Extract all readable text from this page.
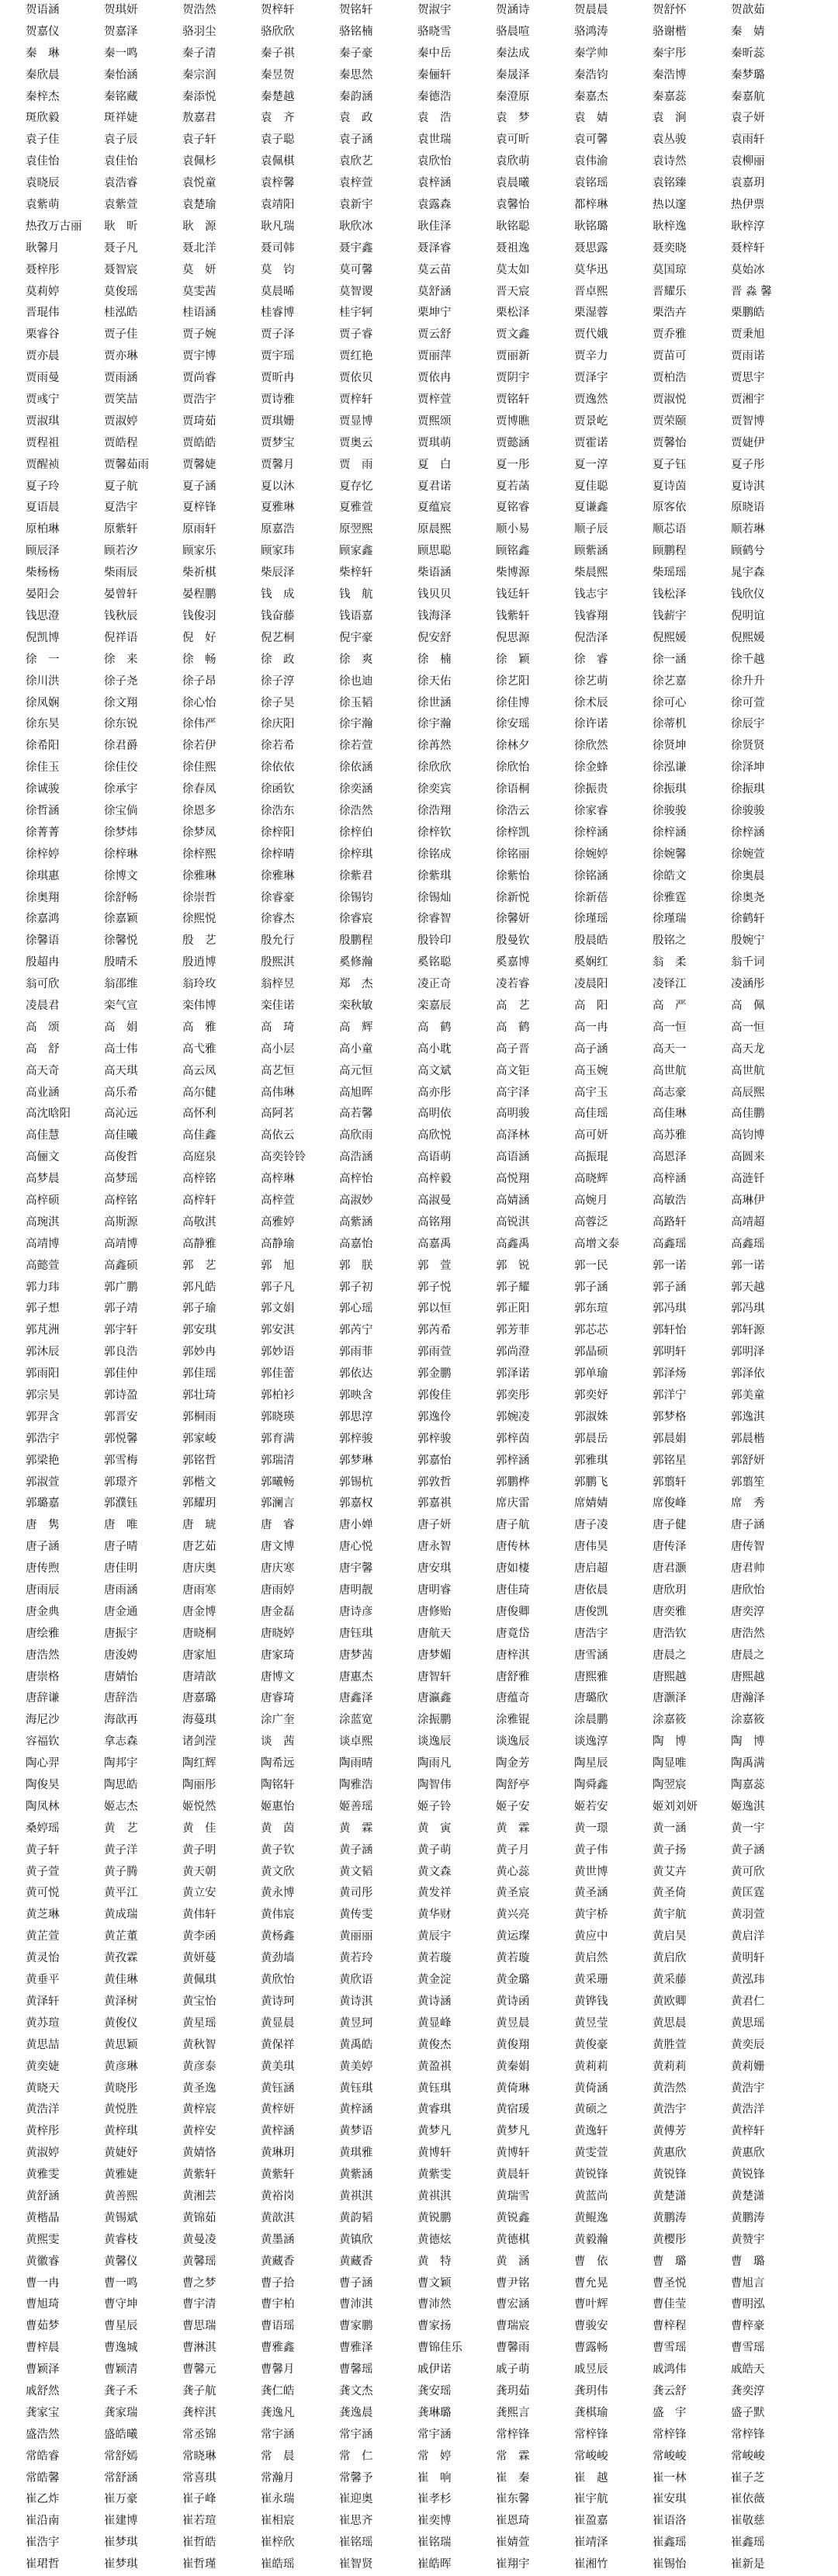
贺语涵	贺琪妍	贺浩然	贺梓轩	贺铭轩	贺淑宇	贺涵诗	贺晨晨	贺舒怀	贺歆茹
贺嘉仪	贺嘉泽	骆羽尘	骆欣欣	骆铭楠	骆晓雪	骆晨喧	骆鸿涛	骆谢楷	秦　婧
秦　琳	秦一鸣	秦子清	秦子祺	秦子豪	秦中岳	秦法成	秦学帅	秦宇彤	秦昕蕊
秦欣晨	秦怡涵	秦宗润	秦昱贺	秦思然	秦俪轩	秦晟泽	秦浩钧	秦浩博	秦梦璐
秦梓杰	秦铭藏	秦添悦	秦楚越	秦韵涵	秦德浩	秦澄原	秦嘉杰	秦嘉蕊	秦嘉航
斑欣毅	斑祥婕	敖嘉君	袁　齐	袁　政	袁　浩	袁　梦	袁　婧	袁　涧	袁子妍
袁子佳	袁子辰	袁子轩	袁子聪	袁子涵	袁世瑞	袁可昕	袁可馨	袁丛骏	袁雨轩
袁佳怡	袁佳怡	袁佩杉	袁佩棋	袁欣艺	袁欣怡	袁欣萌	袁伟渝	袁诗然	袁柳丽
袁晓辰	袁浩睿	袁悦童	袁梓馨	袁梓萱	袁梓涵	袁晨曦	袁铭瑶	袁铭臻	袁嘉玥
袁紫萌	袁紫萱	袁楚瑜	袁靖阳	袁新宇	袁露森	袁馨怡	都梓琳	热以邃	热伊票
热孜万古丽	耿　昕	耿　源	耿凡瑞	耿欣冰	耿佳泽	耿铭聪	耿铭璐	耿梓逸	耿梓淳
耿馨月	聂子凡	聂北洋	聂司韩	聂宇鑫	聂泽睿	聂祖逸	聂思露	聂奕晓	聂梓轩
聂梓彤	聂智宸	莫　妍	莫　钧	莫可馨	莫云苗	莫太如	莫华迅	莫国琼	莫始冰
莫莉婷	莫俊瑶	莫雯茜	莫晨晞	莫智谡	莫舒涵	晋天宸	晋卓熙	晋耀乐	晋 淼 馨
晋琨伟	桂泓皓	桂语涵	桂睿博	桂宇轲	栗坤宁	栗松泽	栗湿蓉	栗浩卉	栗鹏皓
栗睿谷	贾子佳	贾子婉	贾子泽	贾子睿	贾云舒	贾文鑫	贾代娥	贾乔雅	贾秉旭
贾亦晨	贾亦琳	贾宇博	贾宇瑶	贾红艳	贾丽萍	贾丽新	贾辛力	贾苗可	贾雨诺
贾雨曼	贾雨涵	贾尚睿	贾昕冉	贾依贝	贾依冉	贾阴宇	贾泽宇	贾柏浩	贾思宇
贾彧宁	贾笑喆	贾浩宇	贾诗雅	贾梓轩	贾梓萱	贾铭轩	贾逸然	贾淑悦	贾湘宇
贾淑琪	贾淑婷	贾琦茹	贾琪姗	贾显博	贾熙颂	贾博瞧	贾景屹	贾荣颐	贾智博
贾程祖	贾皓程	贾皓皓	贾梦宝	贾奥云	贾琪萌	贾懿涵	贾霍诺	贾馨怡	贾婕伊
贾醒祯	贾馨茹雨	贾馨婕	贾馨月	贾　雨	夏　白	夏一彤	夏一淳	夏子钰	夏子彤
夏子玲	夏子航	夏子涵	夏以沐	夏存忆	夏君诺	夏若菡	夏佳聪	夏诗茵	夏诗淇
夏语晨	夏浩宇	夏梓锋	夏雅琳	夏雅萱	夏蕴宸	夏铭睿	夏谦鑫	原客依	原晓语
原柏琳	原紫轩	原雨轩	原嘉浩	原翌熙	原晨熙	顺小易	顺子辰	顺芯语	顺若琳
顾辰泽	顾若汐	顾家乐	顾家玮	顾家鑫	顾思聪	顾铭鑫	顾紫涵	顾鹏程	顾鹤兮
柴杨杨	柴雨辰	柴祈棋	柴辰泽	柴梓轩	柴语涵	柴博源	柴晨熙	柴瑶瑶	晁宇森
晏阳会	晏曾轩	晏程鹏	钱　成	钱　航	钱贝贝	钱廷轩	钱志宇	钱松泽	钱欣仪
钱思澄	钱秋辰	钱俊羽	钱奋藤	钱语嘉	钱海泽	钱紫轩	钱睿翔	钱薪宇	倪明谊
倪凯博	倪祥语	倪　好	倪艺桐	倪宇豪	倪安舒	倪思源	倪浩泽	倪熙媛	倪熙媛
徐　一	徐　来	徐　畅	徐　政	徐　爽	徐　楠	徐　颖	徐　睿	徐一涵	徐千越
徐川洪	徐子尧	徐子昂	徐子淳	徐也迪	徐天佑	徐艺阳	徐艺萌	徐艺嘉	徐升升
徐凤娴	徐文翔	徐心怡	徐子昊	徐玉韬	徐世涵	徐佳博	徐术辰	徐可心	徐可萱
徐东昊	徐东锐	徐伟严	徐庆阳	徐宇瀚	徐宇瀚	徐安瑶	徐许诺	徐蒂机	徐辰宇
徐希阳	徐君爵	徐若伊	徐若希	徐若萱	徐苒然	徐林夕	徐欣然	徐贤坤	徐贤贤
徐佳玉	徐佳佼	徐佳熙	徐依依	徐依涵	徐欣欣	徐欣怡	徐金蜂	徐泓谦	徐泽坤
徐诚骏	徐承宇	徐春凤	徐函钦	徐奕涵	徐奕宾	徐语桐	徐振贵	徐振琪	徐振琪
徐哲涵	徐宝倘	徐恩多	徐浩东	徐浩然	徐浩翔	徐浩云	徐家睿	徐骏骏	徐骏骏
徐菁菁	徐梦炜	徐梦凤	徐梓阳	徐梓伯	徐梓钦	徐梓凯	徐梓涵	徐梓涵	徐梓涵
徐梓婷	徐梓琳	徐梓熙	徐梓晴	徐梓琪	徐铭成	徐铭丽	徐婉婷	徐婉馨	徐婉萱
徐琪惠	徐博文	徐雅琳	徐雅琳	徐紫君	徐紫琪	徐紫怡	徐铭涵	徐皓文	徐奥晨
徐奥翔	徐舒畅	徐崇哲	徐睿豪	徐锡钧	徐锡灿	徐新悦	徐新蓓	徐雅霆	徐奥尧
徐嘉鸿	徐嘉颖	徐熙悦	徐睿杰	徐睿宸	徐睿智	徐馨妍	徐瑾瑶	徐瑾瑞	徐鹤轩
徐馨语	徐馨悦	殷　艺	殷允行	殷鹏程	殷铃印	殷曼钦	殷晨皓	殷铭之	殷婉宁
殷超冉	殷晴禾	殷逍博	殷熙淇	奚修瀚	奚铭聪	奚嘉博	奚娴红	翁　柔	翁千词
翁可欣	翁邵维	翁玲玫	翁梓昱	郑　杰	凌正奇	凌若睿	凌晨阳	凌铎江	凌涵彤
凌晨君	栾气宣	栾伟博	栾佳诺	栾秋敏	栾嘉辰	高　艺	高　阳	高　严	高　佩
高　颂	高　娟	高　雅	高　琦	高　辉	高　鹤	高　鹤	高一冉	高一恒	高一恒
高　舒	高士伟	高弋雅	高小层	高小童	高小耽	高子晋	高子涵	高天一	高天龙
高天奇	高天琪	高云凤	高艺恒	高元恒	高文斌	高文钜	高玉婉	高世航	高世航
高业涵	高乐希	高尔健	高伟琳	高旭晖	高亦彤	高宇泽	高宇玉	高志豪	高辰熙
高沈晗阳	高沁远	高怀利	高阿茗	高若馨	高明依	高明骏	高佳瑶	高佳琳	高佳鹏
高佳慧	高佳曦	高佳鑫	高依云	高欣雨	高欣悦	高泽林	高可妍	高苏雅	高钧博
高俪文	高俊哲	高庭泉	高奕铃铃	高浩涵	高语萌	高语涵	高振琨	高恩泽	高圆来
高梦晨	高梦瑶	高梓铭	高梓琳	高梓怡	高梓毅	高悦翔	高晓辉	高梓涵	高涟钎
高梓硕	高梓铭	高梓轩	高梓萱	高淑妙	高淑曼	高婧涵	高婉月	高敏浩	高琳伊
高琬淇	高斯源	高敬淇	高雅婷	高紫涵	高铭翔	高锐淇	高蓉泛	高路轩	高靖超
高靖博	高靖博	高静雅	高静瑜	高嘉怡	高嘉禹	高鑫禹	高增文泰	高鑫瑶	高鑫瑶
高懿萱	高鑫硕	郭　艺	郭　旭	郭　朕	郭　萱	郭　锐	郭一民	郭一诺	郭一诺
郭力玮	郭广鹏	郭凡皓	郭子凡	郭子初	郭子悦	郭子耀	郭子涵	郭子涵	郭天越
郭子想	郭子靖	郭子瑜	郭文娟	郭心瑶	郭以恒	郭正阳	郭东瑄	郭冯琪	郭冯琪
郭芃洲	郭宇轩	郭安琪	郭安淇	郭芮宁	郭芮希	郭芳菲	郭芯芯	郭轩怡	郭轩源
郭沐辰	郭良浩	郭妙冉	郭妙语	郭雨菲	郭雨萱	郭尚澄	郭晶硕	郭明轩	郭明泽
郭雨阳	郭佳仲	郭佳瑶	郭佳蕾	郭依达	郭金鹏	郭泽诺	郭单瑜	郭泽炀	郭泽依
郭宗昊	郭诗盈	郭壮琦	郭柏衫	郭映含	郭俊佳	郭奕彤	郭奕妤	郭洋宁	郭美童
郭羿含	郭晋安	郭桐雨	郭晓瑛	郭思淳	郭逸伶	郭婉凌	郭淑姝	郭梦格	郭逸淇
郭浩宇	郭悦馨	郭家峻	郭育满	郭梓骏	郭梓骏	郭梓茵	郭晨岳	郭晨娟	郭晨楷
郭梁艳	郭雪梅	郭铭哲	郭瑞清	郭梦琳	郭嘉怡	郭梓涵	郭雅琪	郭铭星	郭舒妍
郭淑萱	郭璟齐	郭楷文	郭曦畅	郭锡杭	郭敦哲	郭鹏桦	郭鹏飞	郭翦轩	郭翦笙
郭璐嘉	郭濮钰	郭耀玥	郭澜言	郭嘉权	郭嘉祺	席庆雷	席婧婧	席俊峰	席　秀
唐　隽	唐　唯	唐　琥	唐　睿	唐小婵	唐子妍	唐子航	唐子凌	唐子健	唐子涵
唐子涵	唐子晴	唐艺茹	唐文博	唐心悦	唐永智	唐传林	唐伟昊	唐传泽	唐传智
唐传煦	唐佳明	唐庆奥	唐庆寒	唐宇馨	唐安琪	唐如棲	唐启超	唐君灏	唐君帅
唐雨辰	唐雨涵	唐雨寒	唐雨婷	唐明靓	唐明睿	唐佳琦	唐依晨	唐欣玥	唐欣怡
唐金典	唐金通	唐金博	唐金磊	唐诗彦	唐修贻	唐俊卿	唐俊凯	唐奕雅	唐奕淳
唐绘雅	唐振宇	唐晓桐	唐晓婷	唐钰琪	唐航天	唐竟岱	唐浩宇	唐浩钦	唐浩然
唐浩然	唐浚娉	唐家旭	唐家琦	唐梦茜	唐梦媚	唐梓淇	唐雪涵	唐晨之	唐晨之
唐崇格	唐婧怡	唐靖歆	唐博文	唐惠杰	唐智轩	唐舒雅	唐熙雅	唐熙越	唐熙越
唐辞谦	唐辞浩	唐嘉璐	唐睿琦	唐鑫泽	唐瀛鑫	唐蕴奇	唐璐欣	唐灏泽	唐瀚泽
海尼沙	海歆再	海蔓琪	涂广奎	涂蓝宽	涂振鹏	涂雅锟	涂晨鹏	涂嘉筱	涂嘉筱
容福钦	拿志森	诸剑滢	谈　茜	谈卓熙	谈逸辰	谈逸辰	谈逸淳	陶　博	陶　博
陶心羿	陶邦宇	陶红辉	陶希远	陶雨晴	陶雨凡	陶金芳	陶星辰	陶显唯	陶禹满
陶俊昊	陶思皓	陶丽彤	陶铭轩	陶雅浩	陶智伟	陶舒亭	陶舜鑫	陶翌宸	陶嘉蕊
陶凤林	姬志杰	姬悦然	姬惠怡	姬善瑶	姬子铃	姬子安	姬若安	姬刘刘妍	姬逸淇
桑婷瑶	黄　艺	黄　佳	黄　茵	黄　霖	黄　寅	黄　霖	黄一璟	黄一涵	黄一宇
黄子轩	黄子洋	黄子明	黄子钦	黄子涵	黄子萌	黄子月	黄子伟	黄子扬	黄子涵
黄子萱	黄子腾	黄天朝	黄文欣	黄文韬	黄文森	黄心蕊	黄世博	黄艾卉	黄可欣
黄可悦	黄平江	黄立安	黄永博	黄司彤	黄发祥	黄圣宸	黄圣涵	黄圣倚	黄匡霆
黄芝琳	黄成瑞	黄伟轩	黄伟宸	黄传雯	黄华财	黄兴亮	黄宇桥	黄宇航	黄羽萱
黄芷萱	黄芷董	黄李函	黄杨鑫	黄丽丽	黄辰宇	黄运璨	黄应中	黄启昊	黄启洋
黄灵怡	黄孜霖	黄妍蔓	黄劲墙	黄若玲	黄若璇	黄若璇	黄启然	黄启欣	黄明轩
黄垂平	黄佳琳	黄佩琪	黄欣怡	黄欣语	黄金淀	黄金璐	黄采珊	黄采藤	黄泓玮
黄泽轩	黄泽树	黄宝怡	黄诗珂	黄诗淇	黄诗涵	黄诗函	黄铧钱	黄欧卿	黄君仁
黄苏瑄	黄俊仪	黄星瑶	黄显晨	黄昱珂	黄显峰	黄昱晨	黄昱莹	黄思晨	黄思瑶
黄思喆	黄思颖	黄秋智	黄保祥	黄禹皓	黄俊杰	黄俊翔	黄俊豪	黄胜萱	黄奕辰
黄奕婕	黄彦琳	黄彦泰	黄美琪	黄美婷	黄盈祺	黄秦娟	黄莉莉	黄莉莉	黄莉姗
黄晓天	黄晓彤	黄圣逸	黄钰涵	黄钰琪	黄钰琪	黄倚琳	黄倚涵	黄浩然	黄浩宇
黄浩洋	黄悦胜	黄梓宸	黄梓妍	黄梓涵	黄睿琪	黄宿瑗	黄硕之	黄浩宇	黄浩洋
黄梓彤	黄梓琪	黄梓安	黄梓涵	黄梦语	黄梦凡	黄梦凡	黄逸轩	黄傅芳	黄梓轩
黄淑婷	黄婕妤	黄婧恪	黄琳玥	黄琪雅	黄博轩	黄博轩	黄雯萱	黄惠欣	黄惠欣
黄雅雯	黄雅婕	黄紫轩	黄紫轩	黄紫涵	黄紫雯	黄晨轩	黄锐锋	黄锐锋	黄锐锋
黄舒涵	黄善熙	黄湘芸	黄裕岗	黄祺淇	黄祺淇	黄瑞雪	黄蓝尚	黄楚潇	黄楚潇
黄楷晶	黄锡斌	黄锦茹	黄歆淇	黄韵韬	黄锐鹏	黄锐鑫	黄鲲逸	黄鹏涛	黄鹏涛
黄熙雯	黄睿枝	黄曼凌	黄墨涵	黄镇欣	黄德炫	黄德棋	黄毅瀚	黄樱彤	黄赞宇
黄徽睿	黄馨仪	黄馨瑶	黄藏香	黄藏香	黄　特	黄　涵	曹　依	曹　璐	曹　璐
曹一冉	曹一鸣	曹之梦	曹子拾	曹子涵	曹文颖	曹尹铭	曹允晃	曹圣悦	曹旭言
曹旭琦	曹守坤	曹宇清	曹宇柏	曹沛淇	曹沛然	曹宏涵	曹叶辉	曹佳莹	曹明泓
曹茹梦	曹星辰	曹思瑞	曹语瑶	曹家鹏	曹家扬	曹瑞宸	曹骏安	曹梓程	曹梓豪
曹梓晨	曹逸城	曹淋淇	曹雅鑫	曹雅泽	曹锦佳乐	曹馨雨	曹露畅	曹雪瑶	曹雪瑶
曹颖泽	曹颖清	曹馨元	曹馨月	曹馨瑶	戚伊诺	戚子萌	戚昱辰	戚鸿伟	戚皓天
戚舒然	龚子禾	龚子航	龚仁皓	龚文杰	龚安瑶	龚玥茹	龚玥伟	龚云舒	龚奕淳
龚家宝	龚家瑞	龚梓淇	龚逸凡	龚逸晨	龚琳璐	龚熙言	龚棋瑜	盛　宇	盛子默
盛浩然	盛皓曦	常丞锦	常宇涵	常宇涵	常宇涵	常梓锋	常梓锋	常梓锋	常梓锋
常皓睿	常舒嫣	常晓琳	常　晨	常　仁	常　婷	常　霖	常峻峻	常峻峻	常峻峻
常皓馨	常舒涵	常喜琪	常瀚月	常馨予	崔　响	崔　秦	崔　越	崔一林	崔子芝
崔乙炸	崔万豪	崔子峰	崔永瑞	崔迎奥	崔孝杉	崔东馨	崔宇航	崔安琪	崔依薇
崔沿南	崔建博	崔若瑄	崔相宸	崔思齐	崔奕博	崔恩琦	崔盈嘉	崔语洛	崔敬慈
崔浩宇	崔梦琪	崔哲皓	崔梓欣	崔铭瑶	崔铭瑞	崔婧萱	崔靖泽	崔鑫瑶	崔鑫瑶
崔珺哲	崔梦琪	崔哲瑾	崔皓瑶	崔智贤	崔皓晖	崔翔宇	崔湘竹	崔锡怡	崔新是
